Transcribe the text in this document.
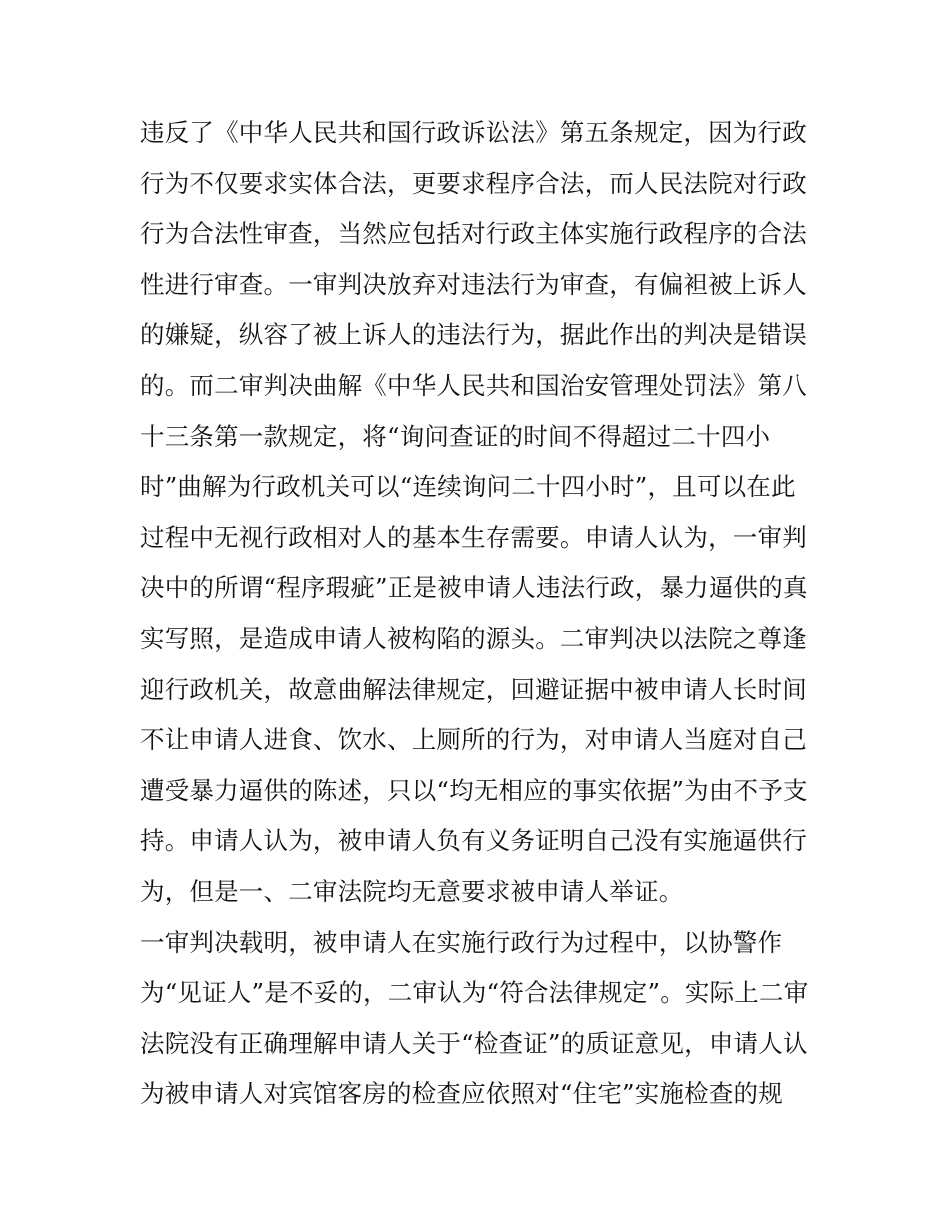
违反了《中华人民共和国行政诉讼法》第五条规定，因为行政
行为不仅要求实体合法，更要求程序合法，而人民法院对行政
行为合法性审查，当然应包括对行政主体实施行政程序的合法
性进行审查。一审判决放弃对违法行为审查，有偏袒被上诉人
的嫌疑，纵容了被上诉人的违法行为，据此作出的判决是错误
的。而二审判决曲解《中华人民共和国治安管理处罚法》第八
十三条第一款规定，将“询问查证的时间不得超过二十四小
时”曲解为行政机关可以“连续询问二十四小时”，且可以在此
过程中无视行政相对人的基本生存需要。申请人认为，一审判
决中的所谓“程序瑕疵”正是被申请人违法行政，暴力逼供的真
实写照，是造成申请人被构陷的源头。二审判决以法院之尊逢
迎行政机关，故意曲解法律规定，回避证据中被申请人长时间
不让申请人进食、饮水、上厕所的行为，对申请人当庭对自己
遭受暴力逼供的陈述，只以“均无相应的事实依据”为由不予支
持。申请人认为，被申请人负有义务证明自己没有实施逼供行
为，但是一、二审法院均无意要求被申请人举证。
一审判决载明，被申请人在实施行政行为过程中，以协警作
为“见证人”是不妥的，二审认为“符合法律规定”。实际上二审
法院没有正确理解申请人关于“检查证”的质证意见，申请人认
为被申请人对宾馆客房的检查应依照对“住宅”实施检查的规
